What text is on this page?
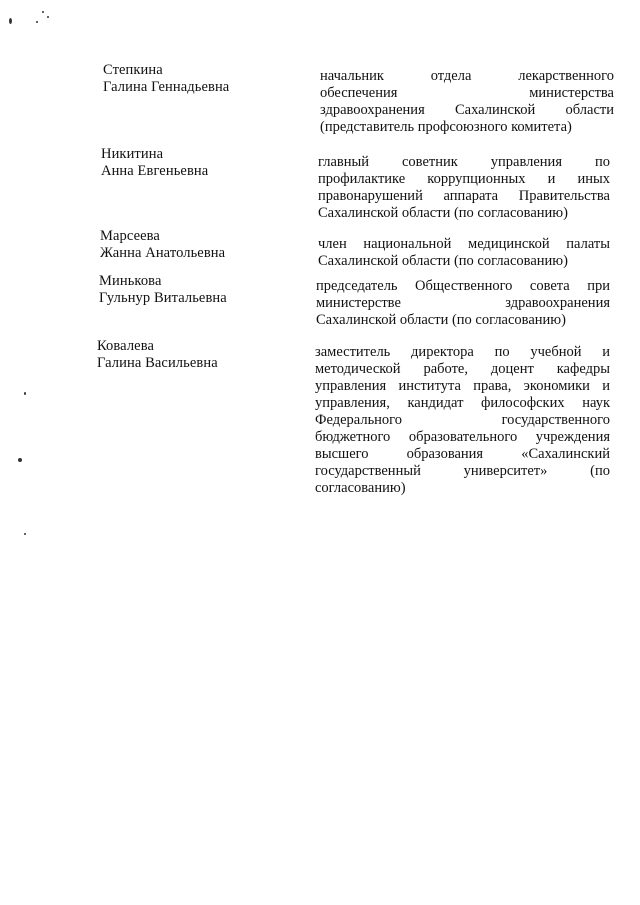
Степкина
Галина Геннадьевна
начальник отдела лекарственного
обеспечения министерства
здравоохранения Сахалинской области
(представитель профсоюзного комитета)
Никитина
Анна Евгеньевна
главный советник управления по
профилактике коррупционных и иных
правонарушений аппарата Правительства
Сахалинской области (по согласованию)
Марсеева
Жанна Анатольевна
член национальной медицинской палаты
Сахалинской области (по согласованию)
Минькова
Гульнур Витальевна
председатель Общественного совета при
министерстве здравоохранения
Сахалинской области (по согласованию)
Ковалева
Галина Васильевна
заместитель директора по учебной и
методической работе, доцент кафедры
управления института права, экономики и
управления, кандидат философских наук
Федерального государственного
бюджетного образовательного учреждения
высшего образования «Сахалинский
государственный университет» (по
согласованию)
